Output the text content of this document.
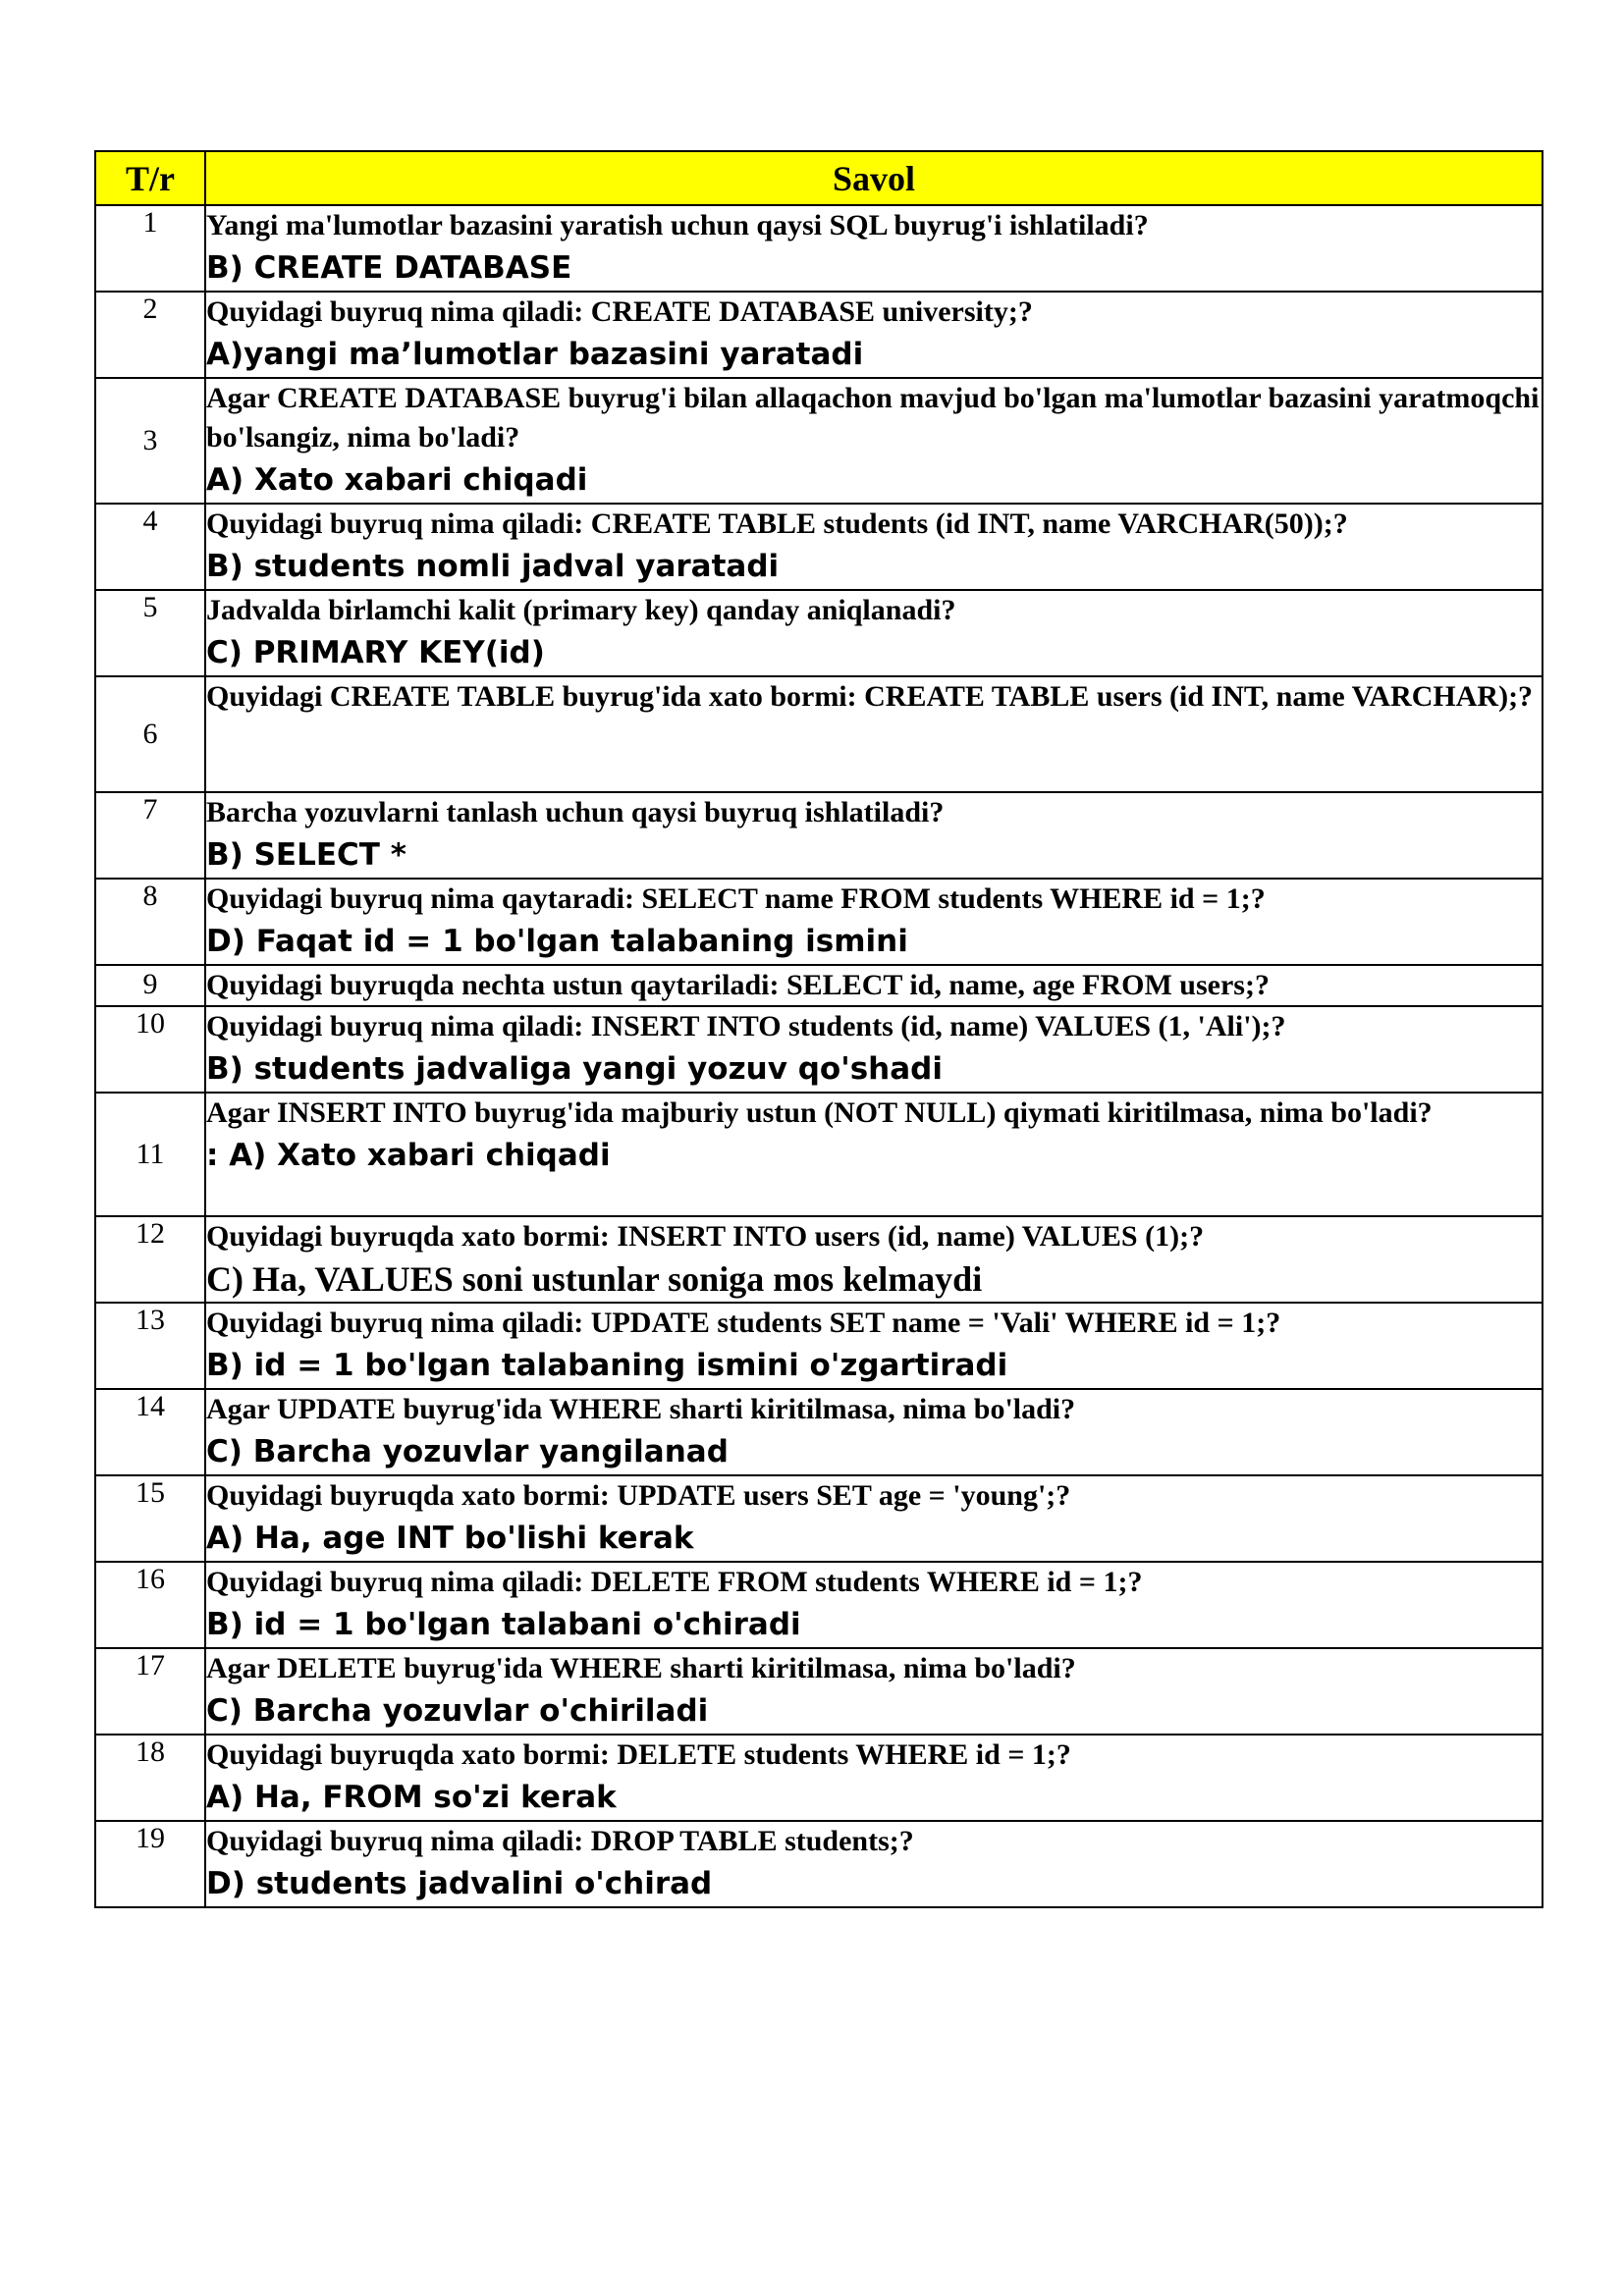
T/r	Savol
1	Yangi ma'lumotlar bazasini yaratish uchun qaysi SQL buyrug'i ishlatiladi?
B) CREATE DATABASE

2	Quyidagi buyruq nima qiladi: CREATE DATABASE university;?
A)yangi ma’lumotlar bazasini yaratadi

3	Agar CREATE DATABASE buyrug'i bilan allaqachon mavjud bo'lgan ma'lumotlar bazasini yaratmoqchi bo'lsangiz, nima bo'ladi?
A) Xato xabari chiqadi

4	Quyidagi buyruq nima qiladi: CREATE TABLE students (id INT, name VARCHAR(50));?
B) students nomli jadval yaratadi

5	Jadvalda birlamchi kalit (primary key) qanday aniqlanadi?
C) PRIMARY KEY(id)

6	Quyidagi CREATE TABLE buyrug'ida xato bormi: CREATE TABLE users (id INT, name VARCHAR);?

7	Barcha yozuvlarni tanlash uchun qaysi buyruq ishlatiladi?
B) SELECT *

8	Quyidagi buyruq nima qaytaradi: SELECT name FROM students WHERE id = 1;?
D) Faqat id = 1 bo'lgan talabaning ismini

9	Quyidagi buyruqda nechta ustun qaytariladi: SELECT id, name, age FROM users;?

10	Quyidagi buyruq nima qiladi: INSERT INTO students (id, name) VALUES (1, 'Ali');?
B) students jadvaliga yangi yozuv qo'shadi

11	Agar INSERT INTO buyrug'ida majburiy ustun (NOT NULL) qiymati kiritilmasa, nima bo'ladi?
: A) Xato xabari chiqadi

12	Quyidagi buyruqda xato bormi: INSERT INTO users (id, name) VALUES (1);?
C) Ha, VALUES soni ustunlar soniga mos kelmaydi

13	Quyidagi buyruq nima qiladi: UPDATE students SET name = 'Vali' WHERE id = 1;?
B) id = 1 bo'lgan talabaning ismini o'zgartiradi

14	Agar UPDATE buyrug'ida WHERE sharti kiritilmasa, nima bo'ladi?
C) Barcha yozuvlar yangilanad

15	Quyidagi buyruqda xato bormi: UPDATE users SET age = 'young';?
A) Ha, age INT bo'lishi kerak

16	Quyidagi buyruq nima qiladi: DELETE FROM students WHERE id = 1;?
B) id = 1 bo'lgan talabani o'chiradi

17	Agar DELETE buyrug'ida WHERE sharti kiritilmasa, nima bo'ladi?
C) Barcha yozuvlar o'chiriladi

18	Quyidagi buyruqda xato bormi: DELETE students WHERE id = 1;?
A) Ha, FROM so'zi kerak

19	Quyidagi buyruq nima qiladi: DROP TABLE students;?
D) students jadvalini o'chirad
